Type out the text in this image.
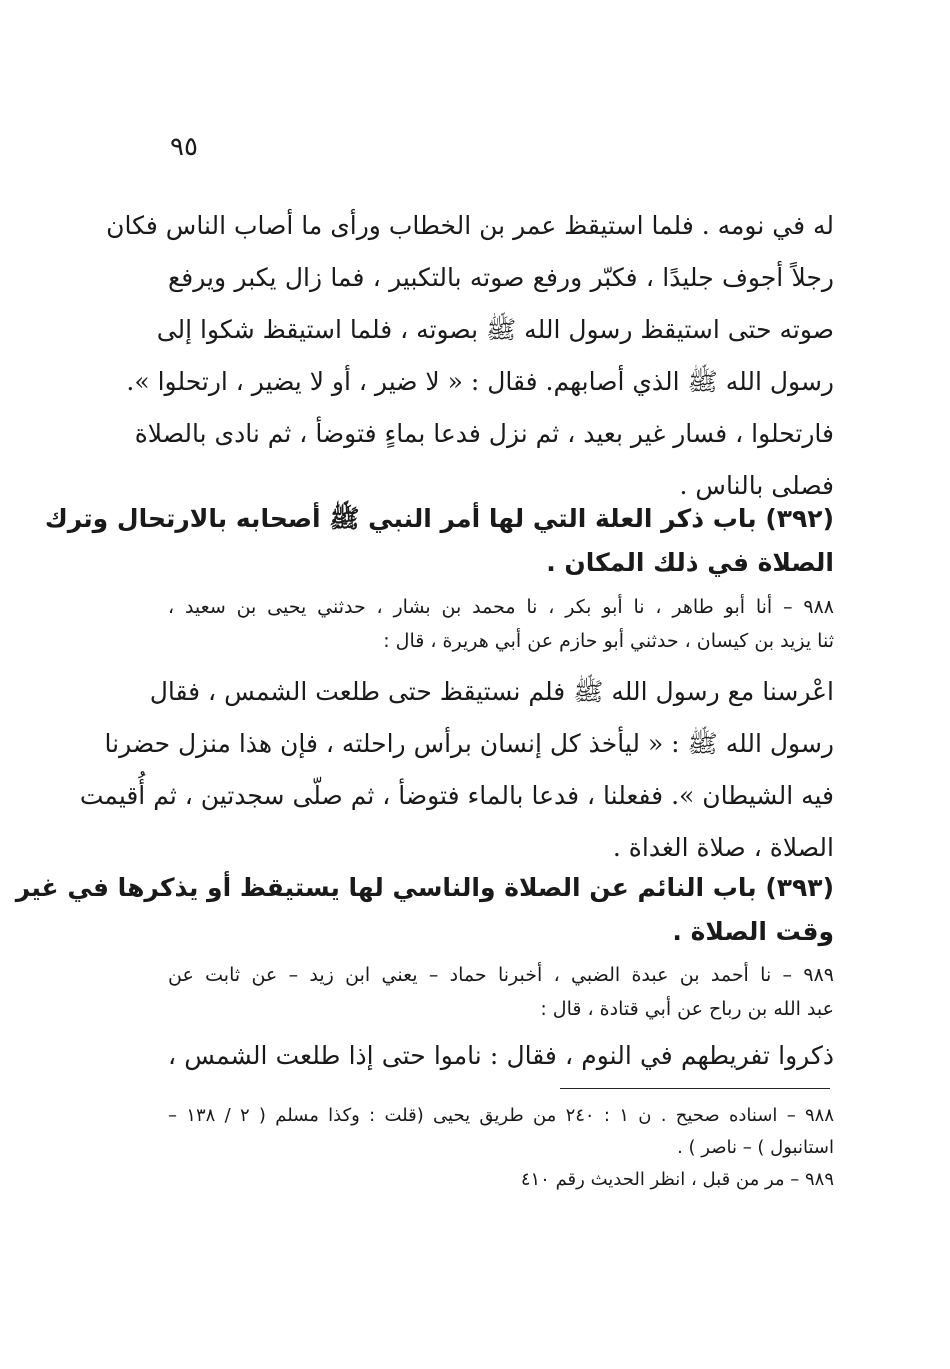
٩٥
له في نومه . فلما استيقظ عمر بن الخطاب ورأى ما أصاب الناس فكان
رجلاً أجوف جليدًا ، فكبّر ورفع صوته بالتكبير ، فما زال يكبر ويرفع
صوته حتى استيقظ رسول الله ﷺ بصوته ، فلما استيقظ شكوا إلى
رسول الله ﷺ الذي أصابهم. فقال : « لا ضير ، أو لا يضير ، ارتحلوا ».
فارتحلوا ، فسار غير بعيد ، ثم نزل فدعا بماءٍ فتوضأ ، ثم نادى بالصلاة
فصلى بالناس .
(٣٩٢) باب ذكر العلة التي لها أمر النبي ﷺ أصحابه بالارتحال وترك
الصلاة في ذلك المكان .
٩٨٨ – أنا أبو طاهر ، نا أبو بكر ، نا محمد بن بشار ، حدثني يحيى بن سعيد ،
ثنا يزيد بن كيسان ، حدثني أبو حازم عن أبي هريرة ، قال :
اعْرسنا مع رسول الله ﷺ فلم نستيقظ حتى طلعت الشمس ، فقال
رسول الله ﷺ : « ليأخذ كل إنسان برأس راحلته ، فإن هذا منزل حضرنا
فيه الشيطان ». ففعلنا ، فدعا بالماء فتوضأ ، ثم صلّى سجدتين ، ثم أُقيمت
الصلاة ، صلاة الغداة .
(٣٩٣) باب النائم عن الصلاة والناسي لها يستيقظ أو يذكرها في غير
وقت الصلاة .
٩٨٩ – نا أحمد بن عبدة الضبي ، أخبرنا حماد – يعني ابن زيد – عن ثابت عن
عبد الله بن رباح عن أبي قتادة ، قال :
ذكروا تفريطهم في النوم ، فقال : ناموا حتى إذا طلعت الشمس ،
٩٨٨ – اسناده صحيح . ن ١ : ٢٤٠ من طريق يحيى (قلت : وكذا مسلم ( ٢ / ١٣٨ –
استانبول ) – ناصر ) .
٩٨٩ – مر من قبل ، انظر الحديث رقم ٤١٠
